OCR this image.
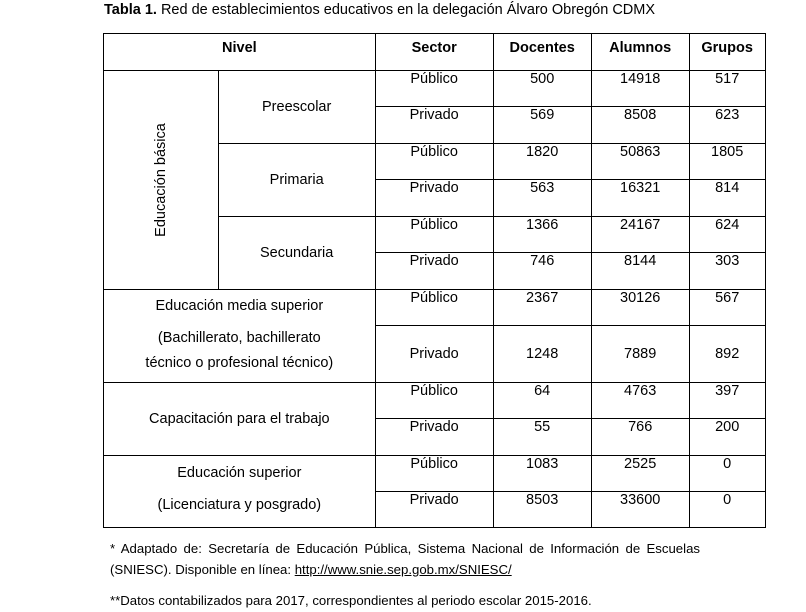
Tabla 1. Red de establecimientos educativos en la delegación Álvaro Obregón CDMX
Nivel		Sector	Docentes	Alumnos	Grupos
Educación básica	Preescolar	Público	500	14918	517
		Privado	569	8508	623
	Primaria	Público	1820	50863	1805
		Privado	563	16321	814
	Secundaria	Público	1366	24167	624
		Privado	746	8144	303

Educación media superior
(Bachillerato, bachillerato
técnico o profesional técnico)		Público	2367	30126	567
		Privado	1248	7889	892
Capacitación para el trabajo		Público	64	4763	397
		Privado	55	766	200

Educación superior
(Licenciatura y posgrado)		Público	1083	2525	0
		Privado	8503	33600	0
* Adaptado de: Secretaría de Educación Pública, Sistema Nacional de Información de Escuelas (SNIESC). Disponible en línea: http://www.snie.sep.gob.mx/SNIESC/
**Datos contabilizados para 2017, correspondientes al periodo escolar 2015-2016.
